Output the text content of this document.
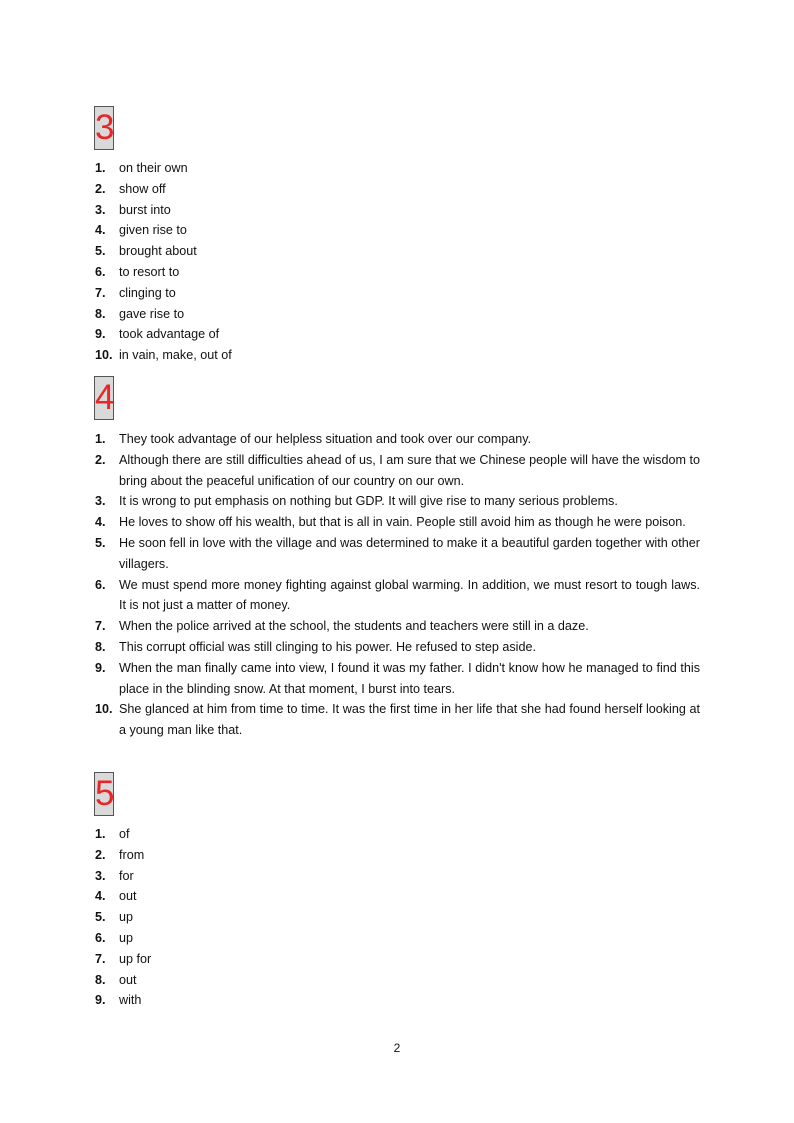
3
1. on their own
2. show off
3. burst into
4. given rise to
5. brought about
6. to resort to
7. clinging to
8. gave rise to
9. took advantage of
10. in vain, make, out of
4
1. They took advantage of our helpless situation and took over our company.
2. Although there are still difficulties ahead of us, I am sure that we Chinese people will have the wisdom to bring about the peaceful unification of our country on our own.
3. It is wrong to put emphasis on nothing but GDP. It will give rise to many serious problems.
4. He loves to show off his wealth, but that is all in vain. People still avoid him as though he were poison.
5. He soon fell in love with the village and was determined to make it a beautiful garden together with other villagers.
6. We must spend more money fighting against global warming. In addition, we must resort to tough laws. It is not just a matter of money.
7. When the police arrived at the school, the students and teachers were still in a daze.
8. This corrupt official was still clinging to his power. He refused to step aside.
9. When the man finally came into view, I found it was my father. I didn't know how he managed to find this place in the blinding snow. At that moment, I burst into tears.
10. She glanced at him from time to time. It was the first time in her life that she had found herself looking at a young man like that.
5
1. of
2. from
3. for
4. out
5. up
6. up
7. up for
8. out
9. with
2
